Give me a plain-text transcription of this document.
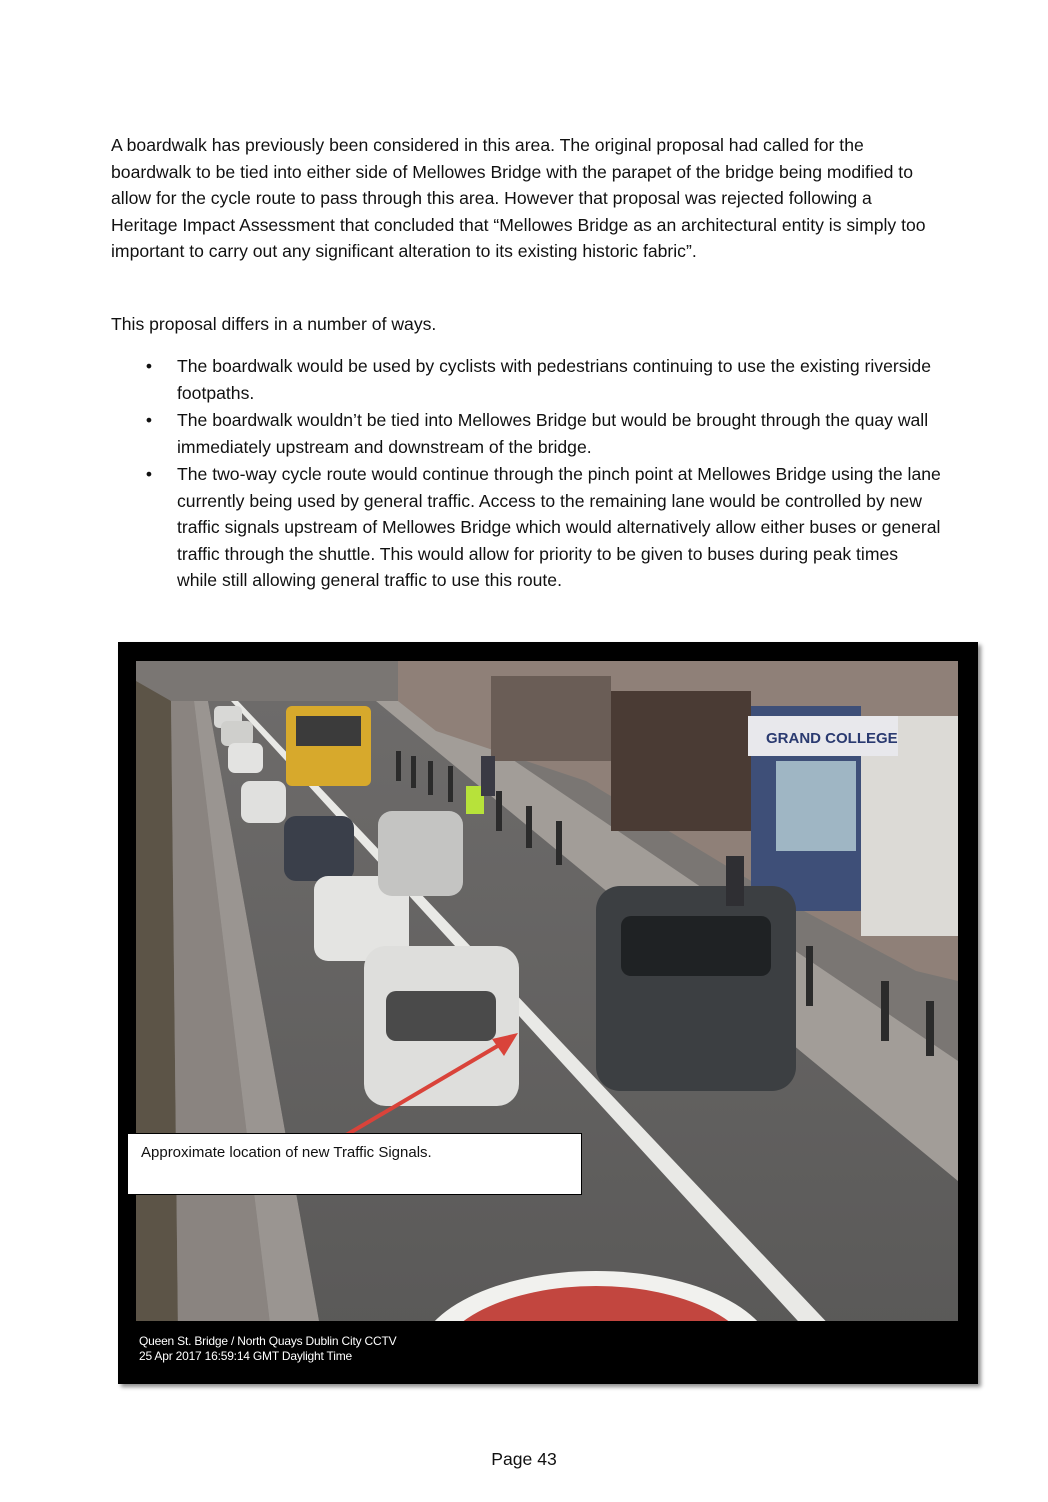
A boardwalk has previously been considered in this area. The original proposal had called for the boardwalk to be tied into either side of Mellowes Bridge with the parapet of the bridge being modified to allow for the cycle route to pass through this area. However that proposal was rejected following a Heritage Impact Assessment that concluded that “Mellowes Bridge as an architectural entity is simply too important to carry out any significant alteration to its existing historic fabric”.

This proposal differs in a number of ways.

• The boardwalk would be used by cyclists with pedestrians continuing to use the existing riverside footpaths.
• The boardwalk wouldn’t be tied into Mellowes Bridge but would be brought through the quay wall immediately upstream and downstream of the bridge.
• The two-way cycle route would continue through the pinch point at Mellowes Bridge using the lane currently being used by general traffic. Access to the remaining lane would be controlled by new traffic signals upstream of Mellowes Bridge which would alternatively allow either buses or general traffic through the shuttle. This would allow for priority to be given to buses during peak times while still allowing general traffic to use this route.
GRAND COLLEGE
Queen St. Bridge / North Quays Dublin City CCTV
25 Apr 2017 16:59:14 GMT Daylight Time
Approximate location of new Traffic Signals.
Page 43
